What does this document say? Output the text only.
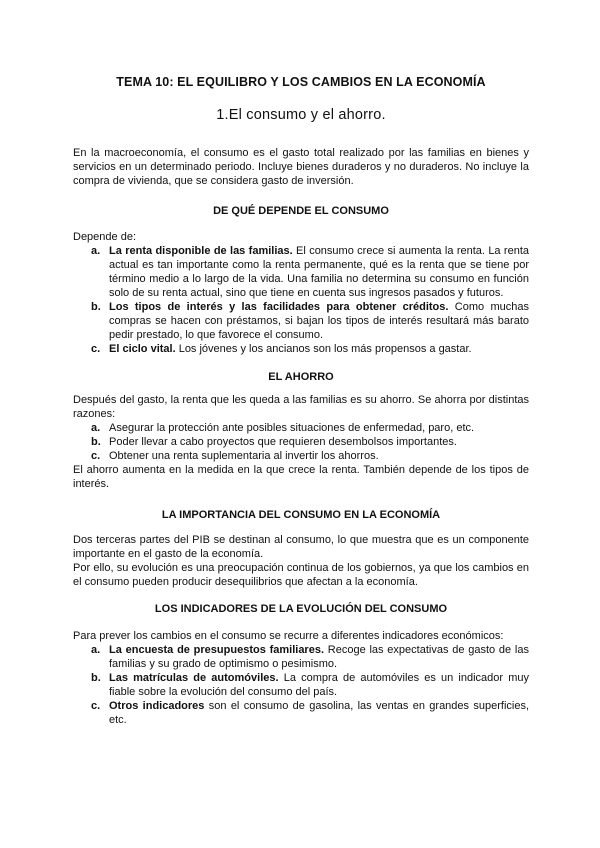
TEMA 10: EL EQUILIBRO Y LOS CAMBIOS EN LA ECONOMÍA
1.El consumo y el ahorro.

En la macroeconomía, el consumo es el gasto total realizado por las familias en bienes y servicios en un determinado periodo. Incluye bienes duraderos y no duraderos. No incluye la compra de vivienda, que se considera gasto de inversión.

DE QUÉ DEPENDE EL CONSUMO

Depende de:

a. La renta disponible de las familias. El consumo crece si aumenta la renta. La renta actual es tan importante como la renta permanente, qué es la renta que se tiene por término medio a lo largo de la vida. Una familia no determina su consumo en función solo de su renta actual, sino que tiene en cuenta sus ingresos pasados y futuros.
b. Los tipos de interés y las facilidades para obtener créditos. Como muchas compras se hacen con préstamos, si bajan los tipos de interés resultará más barato pedir prestado, lo que favorece el consumo.
c. El ciclo vital. Los jóvenes y los ancianos son los más propensos a gastar.
EL AHORRO

Después del gasto, la renta que les queda a las familias es su ahorro. Se ahorra por distintas razones:

a. Asegurar la protección ante posibles situaciones de enfermedad, paro, etc.
b. Poder llevar a cabo proyectos que requieren desembolsos importantes.
c. Obtener una renta suplementaria al invertir los ahorros.

El ahorro aumenta en la medida en la que crece la renta. También depende de los tipos de interés.

LA IMPORTANCIA DEL CONSUMO EN LA ECONOMÍA

Dos terceras partes del PIB se destinan al consumo, lo que muestra que es un componente importante en el gasto de la economía.

Por ello, su evolución es una preocupación continua de los gobiernos, ya que los cambios en el consumo pueden producir desequilibrios que afectan a la economía.

LOS INDICADORES DE LA EVOLUCIÓN DEL CONSUMO

Para prever los cambios en el consumo se recurre a diferentes indicadores económicos:

a. La encuesta de presupuestos familiares. Recoge las expectativas de gasto de las familias y su grado de optimismo o pesimismo.
b. Las matrículas de automóviles. La compra de automóviles es un indicador muy fiable sobre la evolución del consumo del país.
c. Otros indicadores son el consumo de gasolina, las ventas en grandes superficies, etc.
